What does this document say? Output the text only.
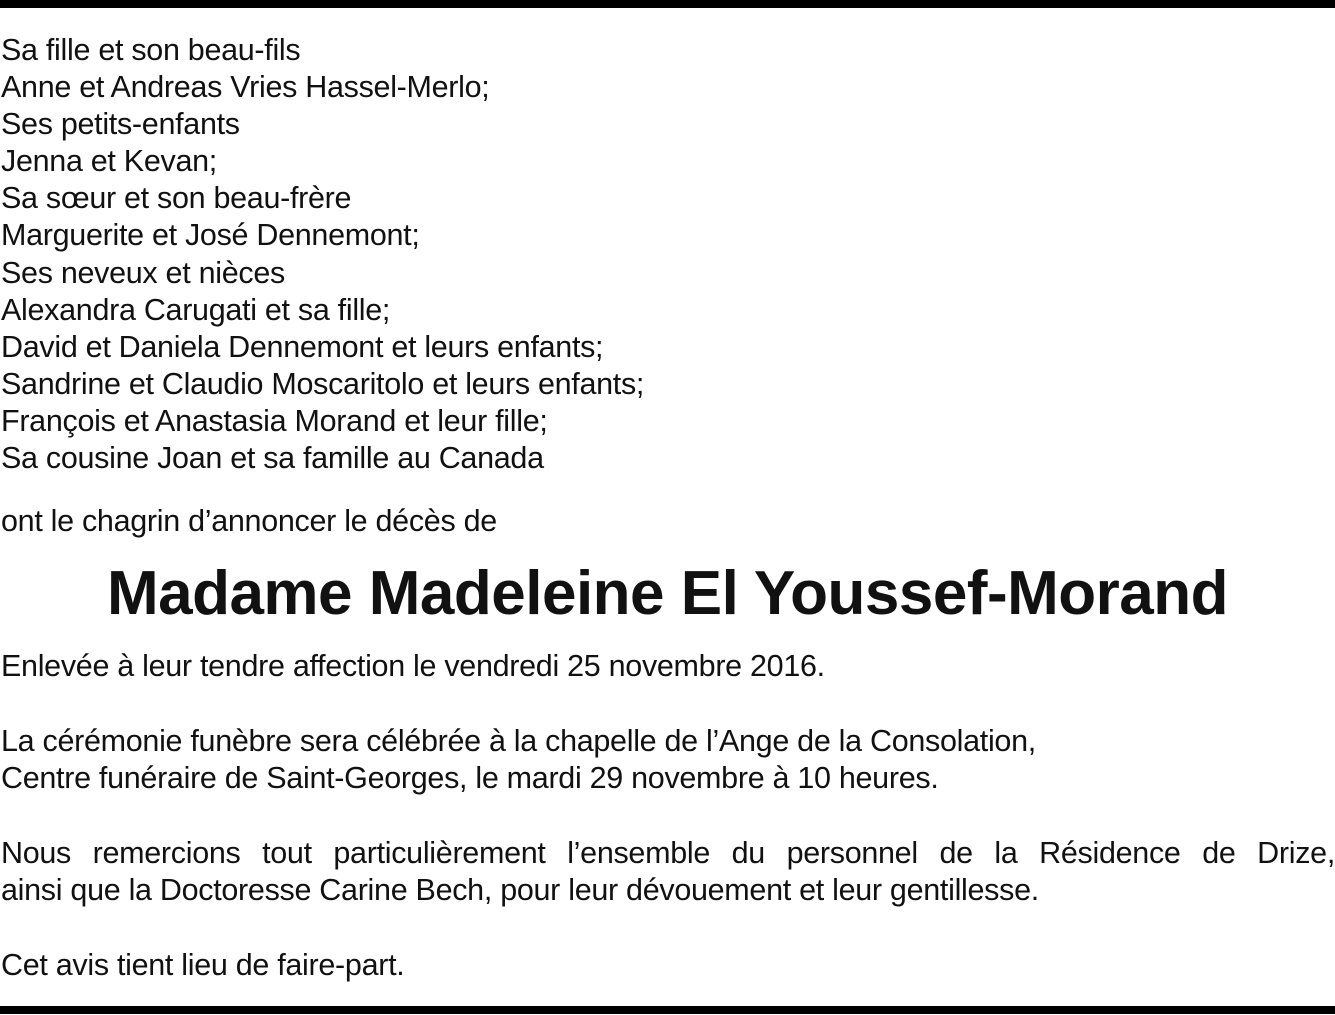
Sa fille et son beau-fils
Anne et Andreas Vries Hassel-Merlo;
Ses petits-enfants
Jenna et Kevan;
Sa sœur et son beau-frère
Marguerite et José Dennemont;
Ses neveux et nièces
Alexandra Carugati et sa fille;
David et Daniela Dennemont et leurs enfants;
Sandrine et Claudio Moscaritolo et leurs enfants;
François et Anastasia Morand et leur fille;
Sa cousine Joan et sa famille au Canada
ont le chagrin d’annoncer le décès de
Madame Madeleine El Youssef-Morand

Enlevée à leur tendre affection le vendredi 25 novembre 2016.

La cérémonie funèbre sera célébrée à la chapelle de l’Ange de la Consolation,
Centre funéraire de Saint-Georges, le mardi 29 novembre à 10 heures.

Nous remercions tout particulièrement l’ensemble du personnel de la Résidence de Drize,
ainsi que la Doctoresse Carine Bech, pour leur dévouement et leur gentillesse.

Cet avis tient lieu de faire-part.
